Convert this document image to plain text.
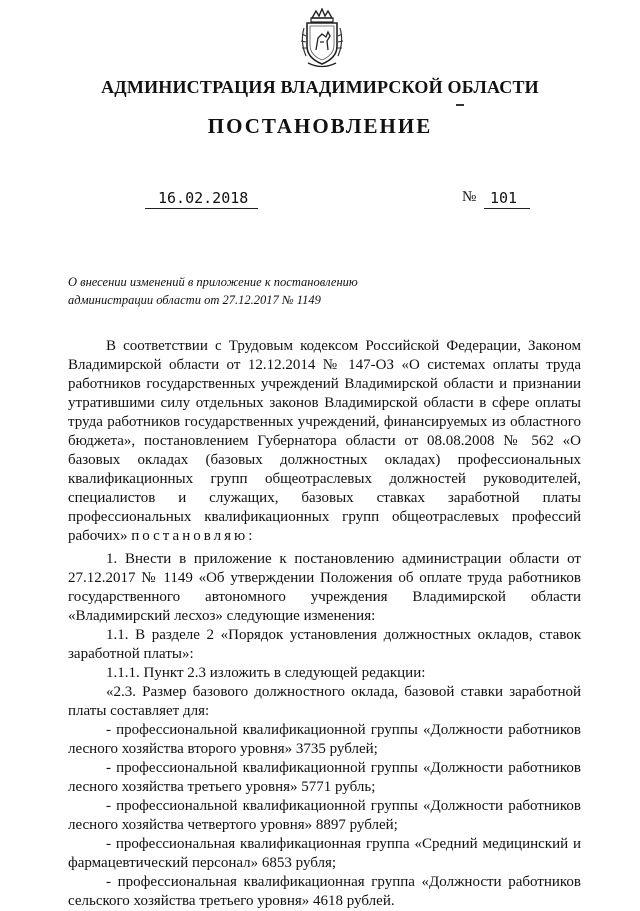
АДМИНИСТРАЦИЯ ВЛАДИМИРСКОЙ ОБЛАСТИ
ПОСТАНОВЛЕНИЕ
16.02.2018	№ 101
О внесении изменений в приложение к постановлению
администрации области от 27.12.2017 № 1149

В соответствии с Трудовым кодексом Российской Федерации, Законом Владимирской области от 12.12.2014 № 147-ОЗ «О системах оплаты труда работников государственных учреждений Владимирской области и признании утратившими силу отдельных законов Владимирской области в сфере оплаты труда работников государственных учреждений, финансируемых из областного бюджета», постановлением Губернатора области от 08.08.2008 № 562 «О базовых окладах (базовых должностных окладах) профессиональных квалификационных групп общеотраслевых должностей руководителей, специалистов и служащих, базовых ставках заработной платы профессиональных квалификационных групп общеотраслевых профессий рабочих» постановляю:

1. Внести в приложение к постановлению администрации области от 27.12.2017 № 1149 «Об утверждении Положения об оплате труда работников государственного автономного учреждения Владимирской области «Владимирский лесхоз» следующие изменения:

1.1. В разделе 2 «Порядок установления должностных окладов, ставок заработной платы»:

1.1.1. Пункт 2.3 изложить в следующей редакции:

«2.3. Размер базового должностного оклада, базовой ставки заработной платы составляет для:

- профессиональной квалификационной группы «Должности работников лесного хозяйства второго уровня» 3735 рублей;

- профессиональной квалификационной группы «Должности работников лесного хозяйства третьего уровня» 5771 рубль;

- профессиональной квалификационной группы «Должности работников лесного хозяйства четвертого уровня» 8897 рублей;

- профессиональная квалификационная группа «Средний медицинский и фармацевтический персонал» 6853 рубля;

- профессиональная квалификационная группа «Должности работников сельского хозяйства третьего уровня» 4618 рублей.
